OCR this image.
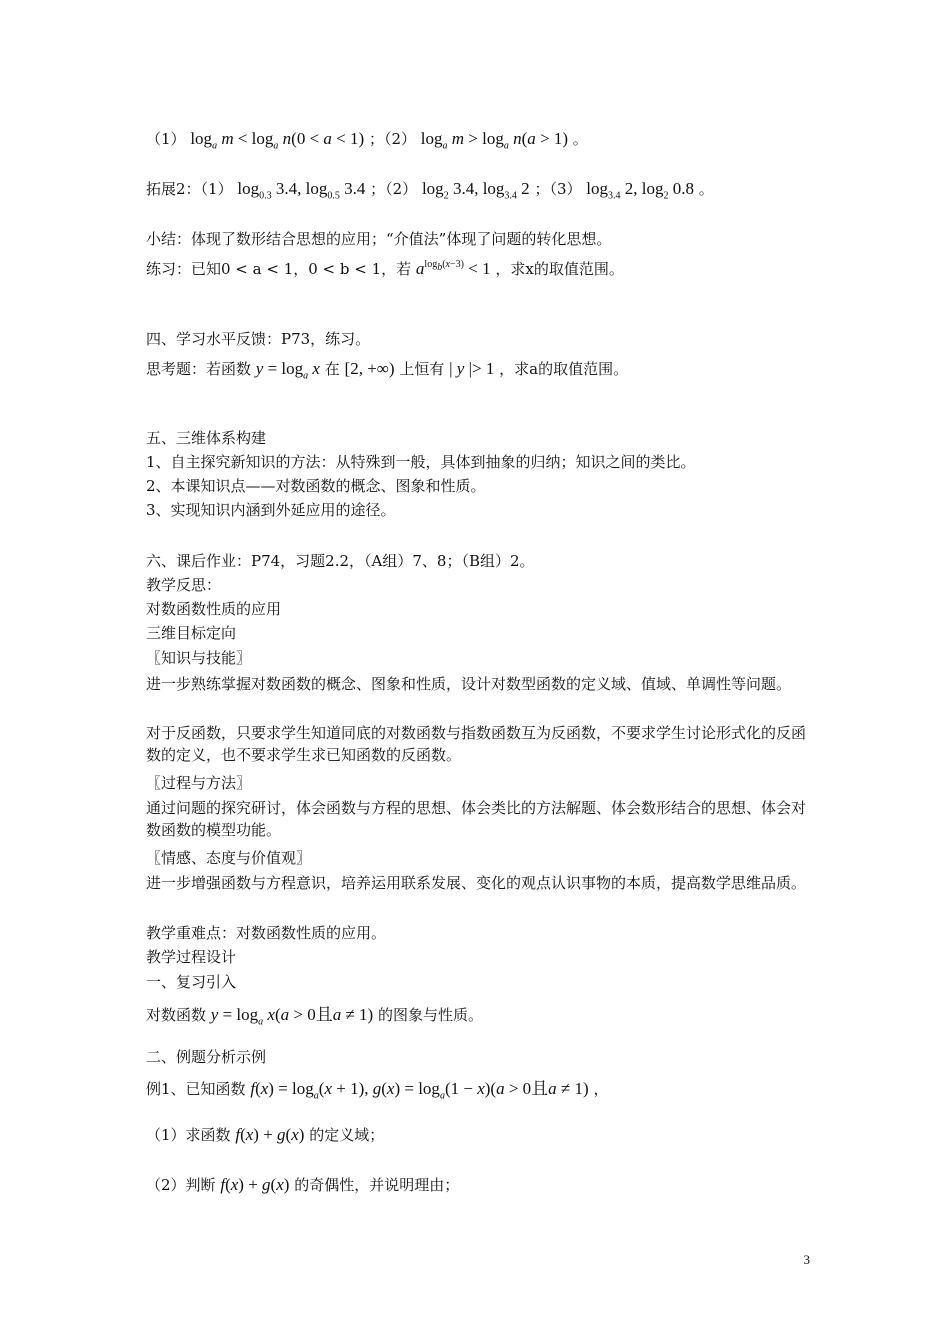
（1） $\log_a m < \log_a n(0 < a < 1)$ ；（2） $\log_a m > \log_a n(a > 1)$ 。
拓展2：（1） $\log_{0.3} 3.4$, $\log_{0.5} 3.4$ ；（2） $\log_2 3.4$, $\log_{3.4} 2$ ；（3） $\log_{3.4} 2$, $\log_2 0.8$ 。
小结：体现了数形结合思想的应用；“介值法”体现了问题的转化思想。
练习：已知0 < a < 1，0 < b < 1，若 $a^{log_b(x-3)} < 1$ ，求x的取值范围。
四、学习水平反馈：P73，练习。
思考题：若函数 $y = \log_a x$ 在 [2, +∞) 上恒有 | y |> 1 ，求a的取值范围。
五、三维体系构建
1、自主探究新知识的方法：从特殊到一般，具体到抽象的归纳；知识之间的类比。
2、本课知识点——对数函数的概念、图象和性质。
3、实现知识内涵到外延应用的途径。
六、课后作业：P74，习题2.2，（A组）7、8；（B组）2。
教学反思：
对数函数性质的应用
三维目标定向
〖知识与技能〗
进一步熟练掌握对数函数的概念、图象和性质，设计对数型函数的定义域、值域、单调性等问题。
对于反函数，只要求学生知道同底的对数函数与指数函数互为反函数，不要求学生讨论形式化的反函数的定义，也不要求学生求已知函数的反函数。
〖过程与方法〗
通过问题的探究研讨，体会函数与方程的思想、体会类比的方法解题、体会数形结合的思想、体会对数函数的模型功能。
〖情感、态度与价值观〗
进一步增强函数与方程意识，培养运用联系发展、变化的观点认识事物的本质，提高数学思维品质。
教学重难点：对数函数性质的应用。
教学过程设计
一、复习引入
对数函数 $y = \log_a x(a > 0$且a ≠ 1) 的图象与性质。
二、例题分析示例
例1、已知函数 $f(x) = \log_a(x + 1)$, $g(x) = \log_a(1 - x)(a > 0$且a ≠ 1) ，
（1）求函数 f(x) + g(x) 的定义域；
（2）判断 f(x) + g(x) 的奇偶性，并说明理由；
3
